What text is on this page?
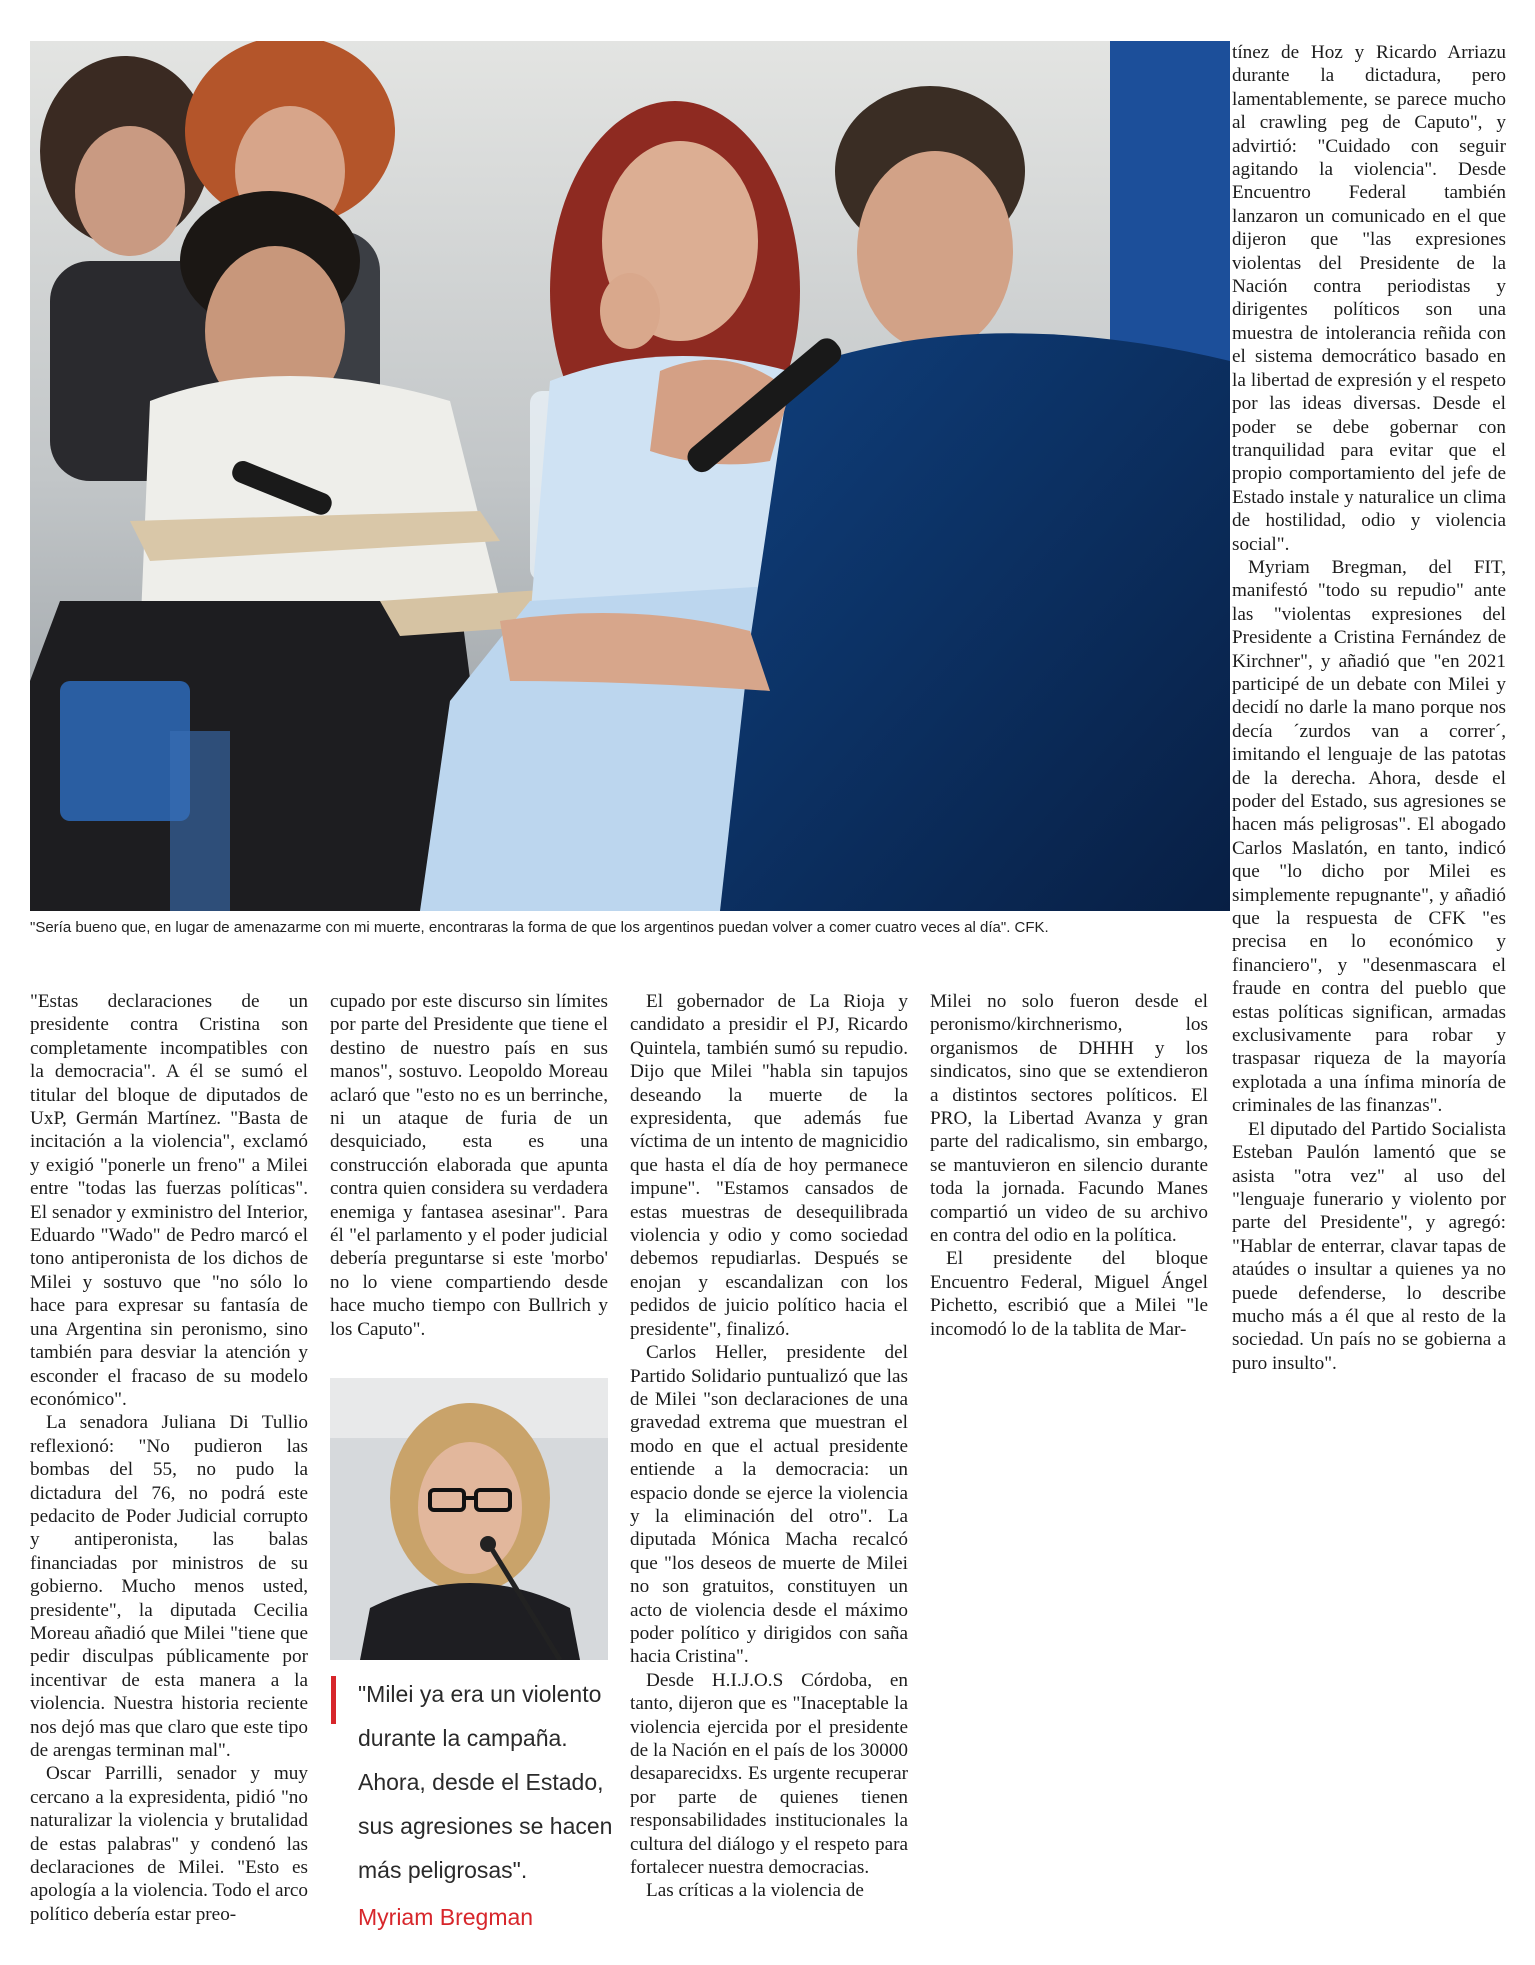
"Sería bueno que, en lugar de amenazarme con mi muerte, encontraras la forma de que los argentinos puedan volver a comer cuatro veces al día". CFK.

"Estas declaraciones de un presidente contra Cristina son completamente incompatibles con la democracia". A él se sumó el titular del bloque de diputados de UxP, Germán Martínez. "Basta de incitación a la violencia", exclamó y exigió "ponerle un freno" a Milei entre "todas las fuerzas políticas". El senador y exministro del Interior, Eduardo "Wado" de Pedro marcó el tono antiperonista de los dichos de Milei y sostuvo que "no sólo lo hace para expresar su fantasía de una Argentina sin peronismo, sino también para desviar la atención y esconder el fracaso de su modelo económico".

La senadora Juliana Di Tullio reflexionó: "No pudieron las bombas del 55, no pudo la dictadura del 76, no podrá este pedacito de Poder Judicial corrupto y antiperonista, las balas financiadas por ministros de su gobierno. Mucho menos usted, presidente", la diputada Cecilia Moreau añadió que Milei "tiene que pedir disculpas públicamente por incentivar de esta manera a la violencia. Nuestra historia reciente nos dejó mas que claro que este tipo de arengas terminan mal".

Oscar Parrilli, senador y muy cercano a la expresidenta, pidió "no naturalizar la violencia y brutalidad de estas palabras" y condenó las declaraciones de Milei. "Esto es apología a la violencia. Todo el arco político debería estar preo-

cupado por este discurso sin límites por parte del Presidente que tiene el destino de nuestro país en sus manos", sostuvo. Leopoldo Moreau aclaró que "esto no es un berrinche, ni un ataque de furia de un desquiciado, esta es una construcción elaborada que apunta contra quien considera su verdadera enemiga y fantasea asesinar". Para él "el parlamento y el poder judicial debería preguntarse si este 'morbo' no lo viene compartiendo desde hace mucho tiempo con Bullrich y los Caputo".

El gobernador de La Rioja y candidato a presidir el PJ, Ricardo Quintela, también sumó su repudio. Dijo que Milei "habla sin tapujos deseando la muerte de la expresidenta, que además fue víctima de un intento de magnicidio que hasta el día de hoy permanece impune". "Estamos cansados de estas muestras de desequilibrada violencia y odio y como sociedad debemos repudiarlas. Después se enojan y escandalizan con los pedidos de juicio político hacia el presidente", finalizó.

Carlos Heller, presidente del Partido Solidario puntualizó que las de Milei "son declaraciones de una gravedad extrema que muestran el modo en que el actual presidente entiende a la democracia: un espacio donde se ejerce la violencia y la eliminación del otro". La diputada Mónica Macha recalcó que "los deseos de muerte de Milei no son gratuitos, constituyen un acto de violencia desde el máximo poder político y dirigidos con saña hacia Cristina".

Desde H.I.J.O.S Córdoba, en tanto, dijeron que es "Inaceptable la violencia ejercida por el presidente de la Nación en el país de los 30000 desaparecidxs. Es urgente recuperar por parte de quienes tienen responsabilidades institucionales la cultura del diálogo y el respeto para fortalecer nuestra democracias.

Las críticas a la violencia de

Milei no solo fueron desde el peronismo/kirchnerismo, los organismos de DHHH y los sindicatos, sino que se extendieron a distintos sectores políticos. El PRO, la Libertad Avanza y gran parte del radicalismo, sin embargo, se mantuvieron en silencio durante toda la jornada. Facundo Manes compartió un video de su archivo en contra del odio en la política.

El presidente del bloque Encuentro Federal, Miguel Ángel Pichetto, escribió que a Milei "le incomodó lo de la tablita de Mar-

tínez de Hoz y Ricardo Arriazu durante la dictadura, pero lamentablemente, se parece mucho al crawling peg de Caputo", y advirtió: "Cuidado con seguir agitando la violencia". Desde Encuentro Federal también lanzaron un comunicado en el que dijeron que "las expresiones violentas del Presidente de la Nación contra periodistas y dirigentes políticos son una muestra de intolerancia reñida con el sistema democrático basado en la libertad de expresión y el respeto por las ideas diversas. Desde el poder se debe gobernar con tranquilidad para evitar que el propio comportamiento del jefe de Estado instale y naturalice un clima de hostilidad, odio y violencia social".

Myriam Bregman, del FIT, manifestó "todo su repudio" ante las "violentas expresiones del Presidente a Cristina Fernández de Kirchner", y añadió que "en 2021 participé de un debate con Milei y decidí no darle la mano porque nos decía ´zurdos van a correr´, imitando el lenguaje de las patotas de la derecha. Ahora, desde el poder del Estado, sus agresiones se hacen más peligrosas". El abogado Carlos Maslatón, en tanto, indicó que "lo dicho por Milei es simplemente repugnante", y añadió que la respuesta de CFK "es precisa en lo económico y financiero", y "desenmascara el fraude en contra del pueblo que estas políticas significan, armadas exclusivamente para robar y traspasar riqueza de la mayoría explotada a una ínfima minoría de criminales de las finanzas".

El diputado del Partido Socialista Esteban Paulón lamentó que se asista "otra vez" al uso del "lenguaje funerario y violento por parte del Presidente", y agregó: "Hablar de enterrar, clavar tapas de ataúdes o insultar a quienes ya no puede defenderse, lo describe mucho más a él que al resto de la sociedad. Un país no se gobierna a puro insulto".

"Milei ya era un violento durante la campaña. Ahora, desde el Estado, sus agresiones se hacen más peligrosas".
Myriam Bregman
